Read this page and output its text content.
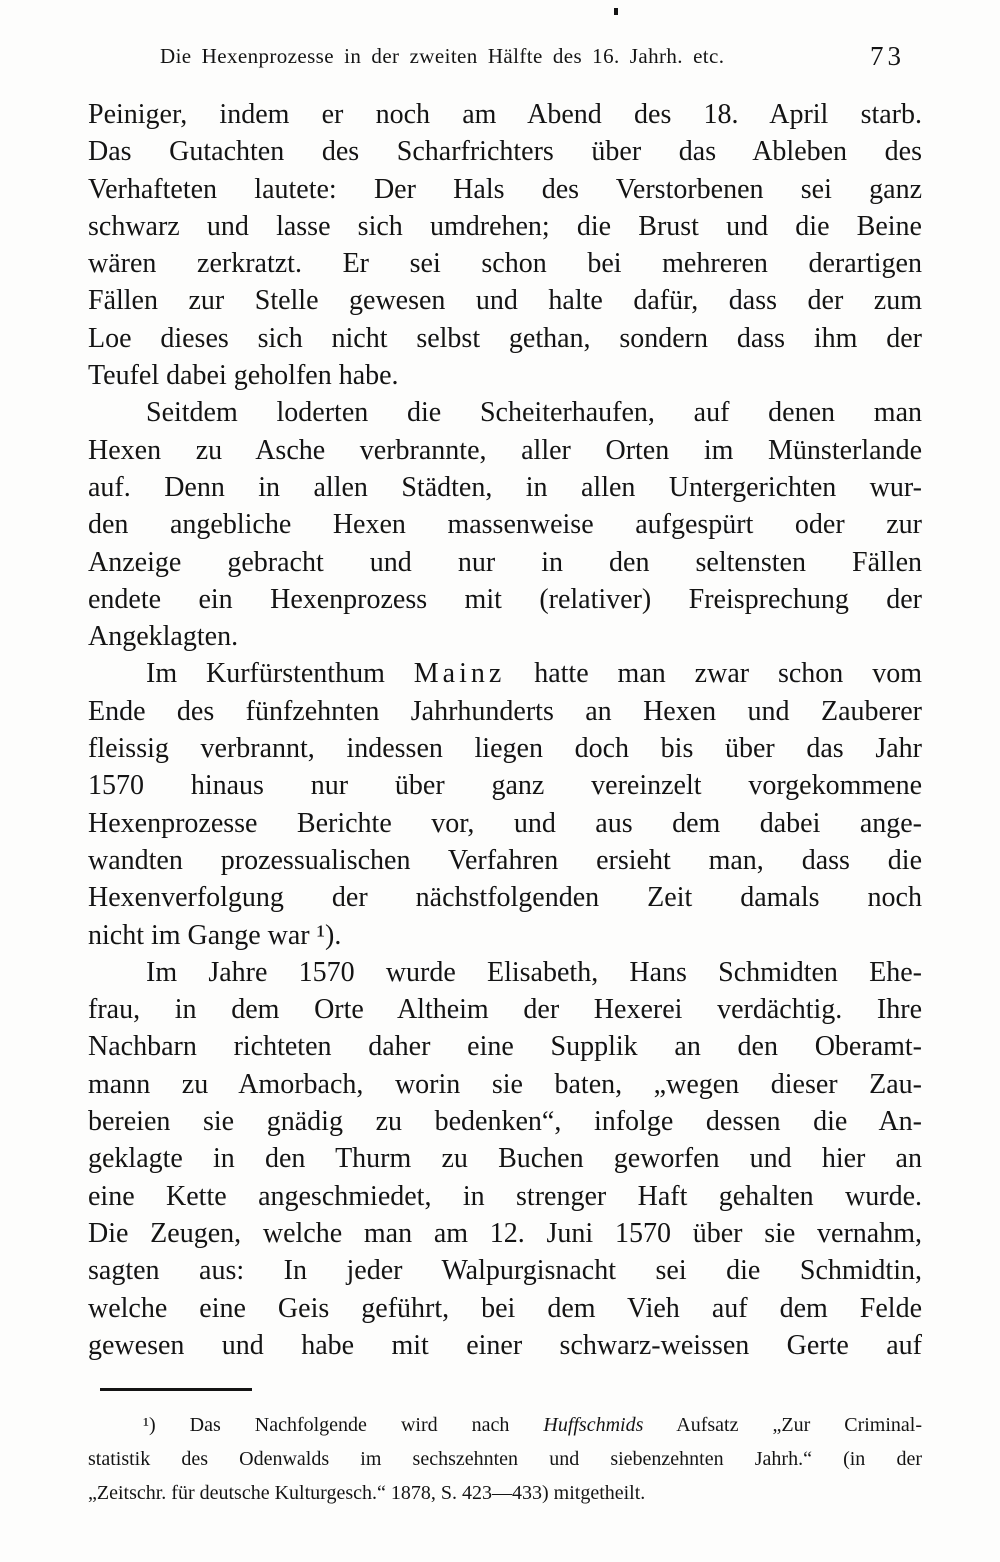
Die Hexenprozesse in der zweiten Hälfte des 16. Jahrh. etc.	73
Peiniger, indem er noch am Abend des 18. April starb.
Das Gutachten des Scharfrichters über das Ableben des
Verhafteten lautete: Der Hals des Verstorbenen sei ganz
schwarz und lasse sich umdrehen; die Brust und die Beine
wären zerkratzt. Er sei schon bei mehreren derartigen
Fällen zur Stelle gewesen und halte dafür, dass der zum
Loe dieses sich nicht selbst gethan, sondern dass ihm der
Teufel dabei geholfen habe.
Seitdem loderten die Scheiterhaufen, auf denen man
Hexen zu Asche verbrannte, aller Orten im Münsterlande
auf. Denn in allen Städten, in allen Untergerichten wur-
den angebliche Hexen massenweise aufgespürt oder zur
Anzeige gebracht und nur in den seltensten Fällen
endete ein Hexenprozess mit (relativer) Freisprechung der
Angeklagten.
Im Kurfürstenthum Mainz hatte man zwar schon vom
Ende des fünfzehnten Jahrhunderts an Hexen und Zauberer
fleissig verbrannt, indessen liegen doch bis über das Jahr
1570 hinaus nur über ganz vereinzelt vorgekommene
Hexenprozesse Berichte vor, und aus dem dabei ange-
wandten prozessualischen Verfahren ersieht man, dass die
Hexenverfolgung der nächstfolgenden Zeit damals noch
nicht im Gange war ¹).
Im Jahre 1570 wurde Elisabeth, Hans Schmidten Ehe-
frau, in dem Orte Altheim der Hexerei verdächtig. Ihre
Nachbarn richteten daher eine Supplik an den Oberamt-
mann zu Amorbach, worin sie baten, „wegen dieser Zau-
bereien sie gnädig zu bedenken“, infolge dessen die An-
geklagte in den Thurm zu Buchen geworfen und hier an
eine Kette angeschmiedet, in strenger Haft gehalten wurde.
Die Zeugen, welche man am 12. Juni 1570 über sie vernahm,
sagten aus: In jeder Walpurgisnacht sei die Schmidtin,
welche eine Geis geführt, bei dem Vieh auf dem Felde
gewesen und habe mit einer schwarz-weissen Gerte auf
¹) Das Nachfolgende wird nach Huffschmids Aufsatz „Zur Criminal-
statistik des Odenwalds im sechszehnten und siebenzehnten Jahrh.“ (in der
„Zeitschr. für deutsche Kulturgesch.“ 1878, S. 423—433) mitgetheilt.
